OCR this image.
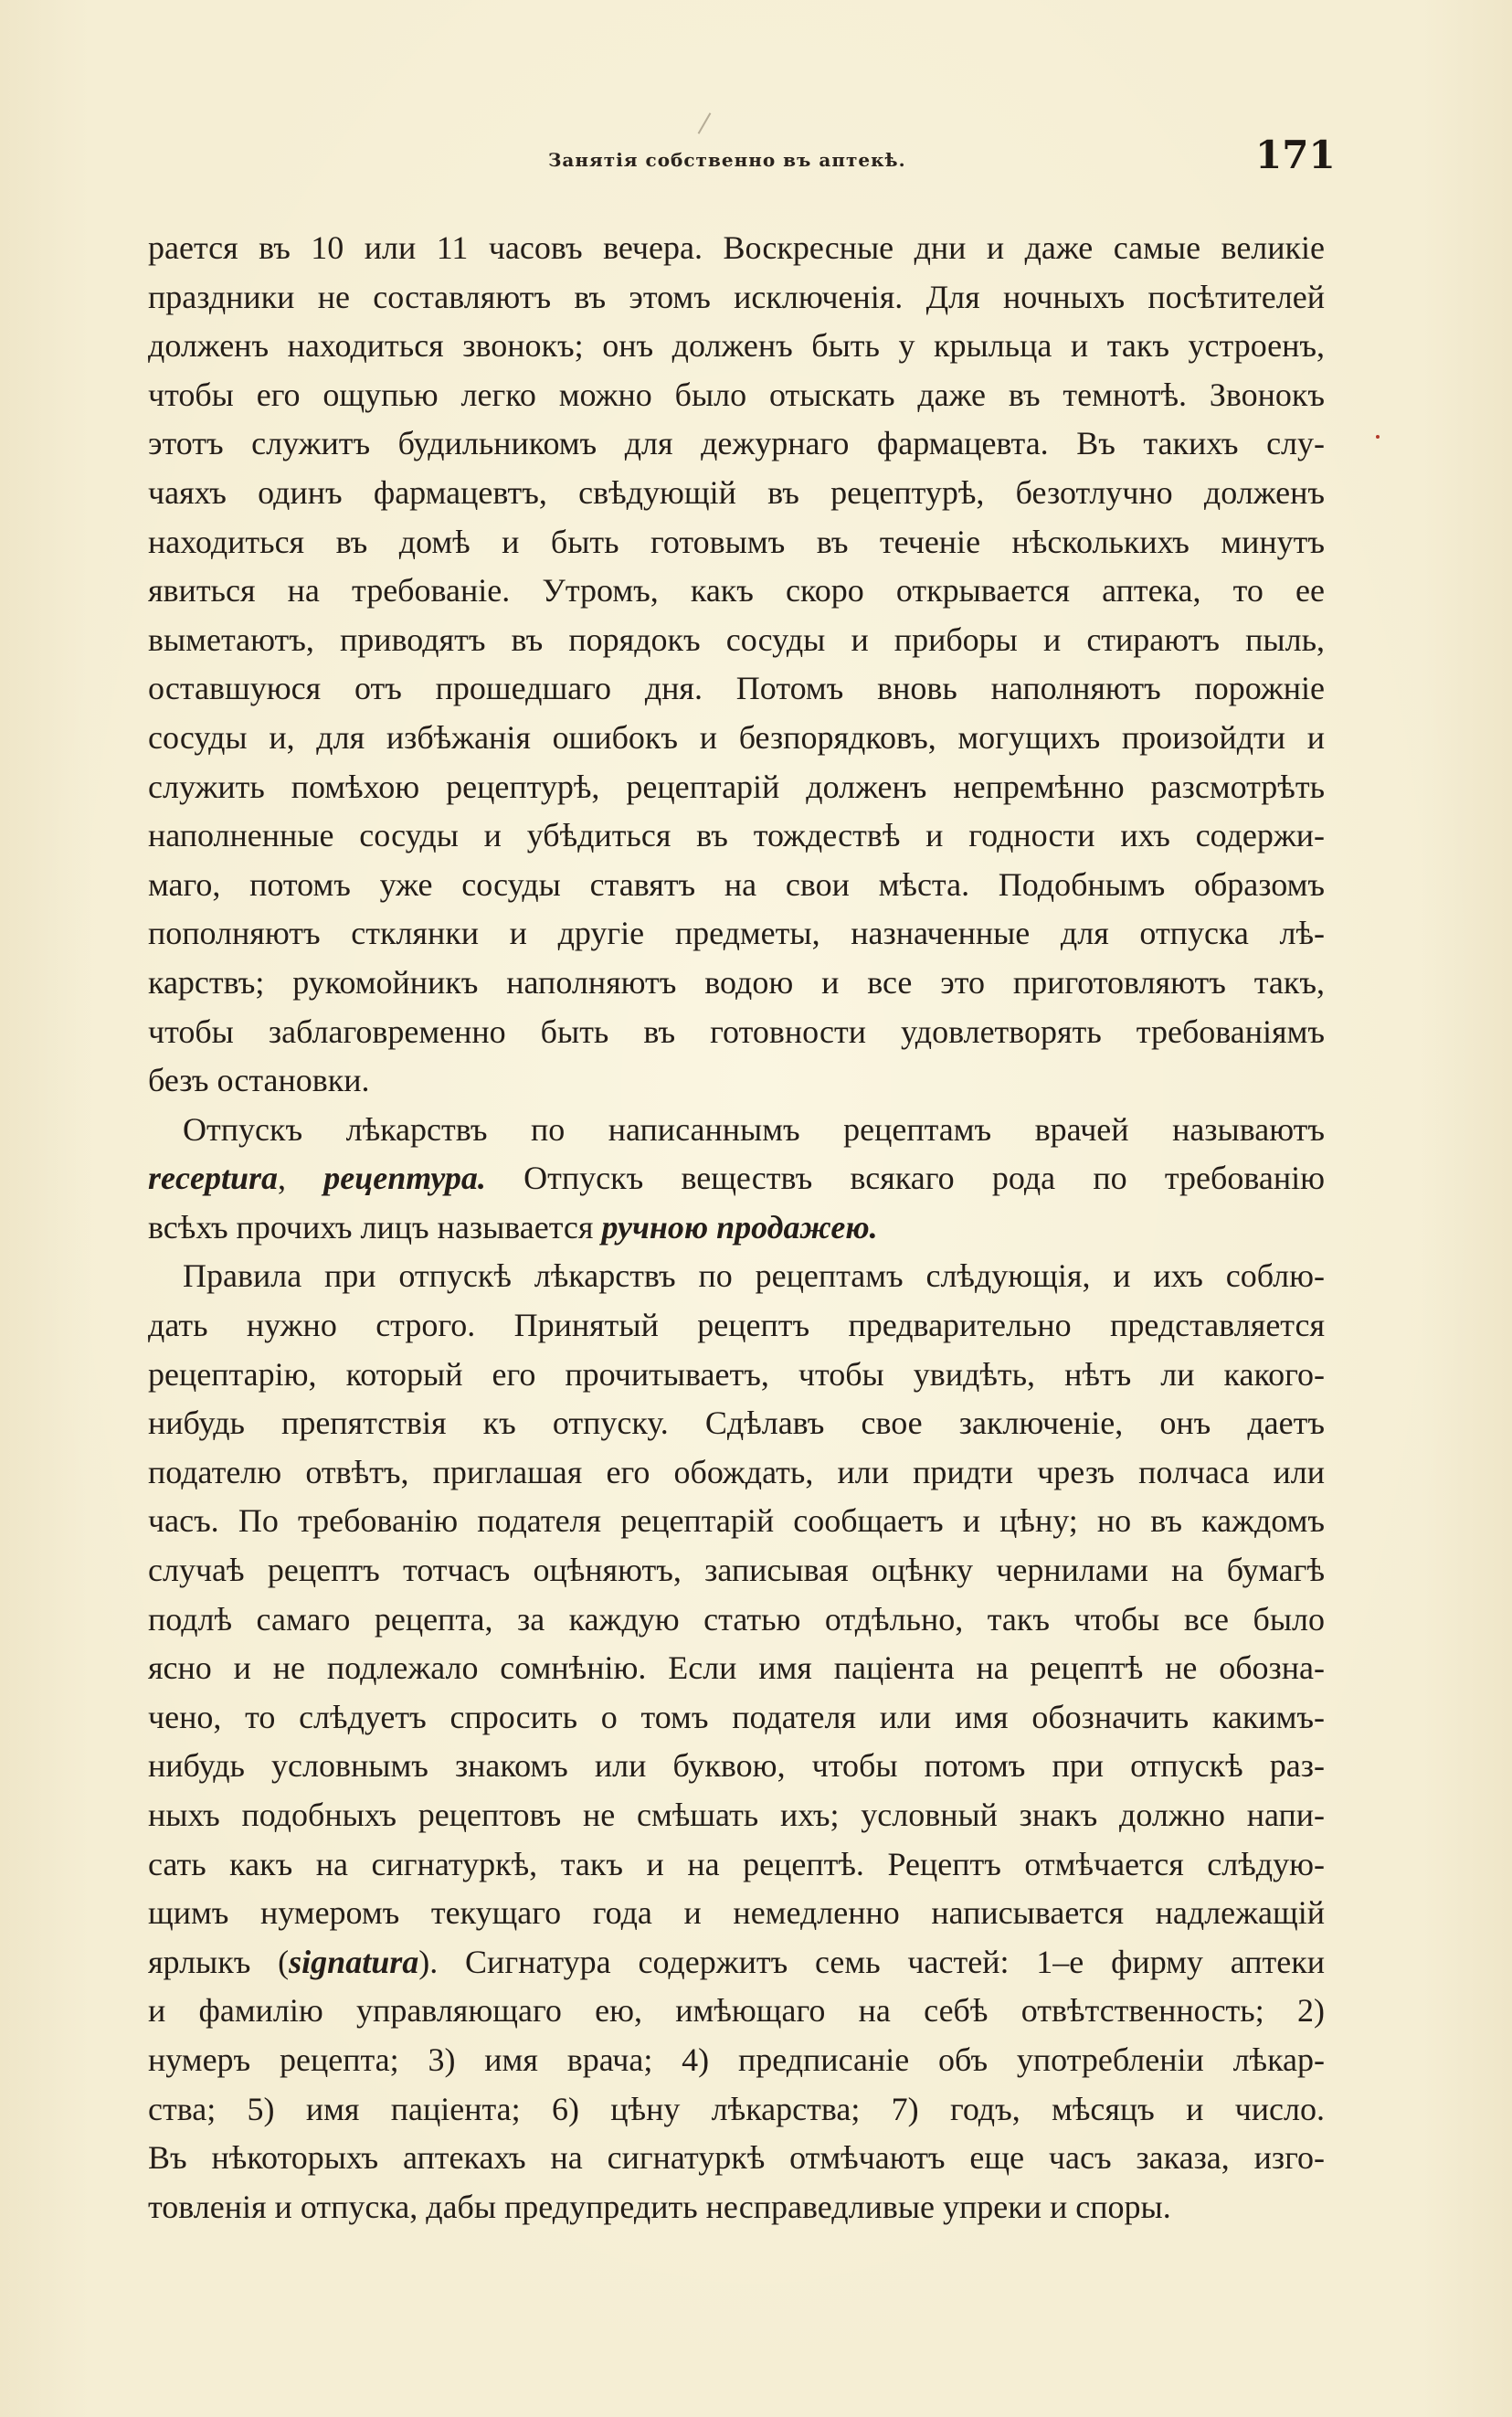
Занятія собственно въ аптекѣ.	171
рается въ 10 или 11 часовъ вечера. Воскресные дни и даже самые великіе
праздники не составляютъ въ этомъ исключенія. Для ночныхъ посѣтителей
долженъ находиться звонокъ; онъ долженъ быть у крыльца и такъ устроенъ,
чтобы его ощупью легко можно было отыскать даже въ темнотѣ. Звонокъ
этотъ служитъ будильникомъ для дежурнаго фармацевта. Въ такихъ слу-
чаяхъ одинъ фармацевтъ, свѣдующій въ рецептурѣ, безотлучно долженъ
находиться въ домѣ и быть готовымъ въ теченіе нѣсколькихъ минутъ
явиться на требованіе. Утромъ, какъ скоро открывается аптека, то ее
выметаютъ, приводятъ въ порядокъ сосуды и приборы и стираютъ пыль,
оставшуюся отъ прошедшаго дня. Потомъ вновь наполняютъ порожніе
сосуды и, для избѣжанія ошибокъ и безпорядковъ, могущихъ произойдти и
служить помѣхою рецептурѣ, рецептарій долженъ непремѣнно разсмотрѣть
наполненные сосуды и убѣдиться въ тождествѣ и годности ихъ содержи-
маго, потомъ уже сосуды ставятъ на свои мѣста. Подобнымъ образомъ
пополняютъ стклянки и другіе предметы, назначенные для отпуска лѣ-
карствъ; рукомойникъ наполняютъ водою и все это приготовляютъ такъ,
чтобы заблаговременно быть въ готовности удовлетворять требованіямъ
безъ остановки.
Отпускъ лѣкарствъ по написаннымъ рецептамъ врачей называютъ
receptura, рецептура. Отпускъ веществъ всякаго рода по требованію
всѣхъ прочихъ лицъ называется ручною продажею.
Правила при отпускѣ лѣкарствъ по рецептамъ слѣдующія, и ихъ соблю-
дать нужно строго. Принятый рецептъ предварительно представляется
рецептарію, который его прочитываетъ, чтобы увидѣть, нѣтъ ли какого-
нибудь препятствія къ отпуску. Сдѣлавъ свое заключеніе, онъ даетъ
подателю отвѣтъ, приглашая его обождать, или придти чрезъ полчаса или
часъ. По требованію подателя рецептарій сообщаетъ и цѣну; но въ каждомъ
случаѣ рецептъ тотчасъ оцѣняютъ, записывая оцѣнку чернилами на бумагѣ
подлѣ самаго рецепта, за каждую статью отдѣльно, такъ чтобы все было
ясно и не подлежало сомнѣнію. Если имя паціента на рецептѣ не обозна-
чено, то слѣдуетъ спросить о томъ подателя или имя обозначить какимъ-
нибудь условнымъ знакомъ или буквою, чтобы потомъ при отпускѣ раз-
ныхъ подобныхъ рецептовъ не смѣшать ихъ; условный знакъ должно напи-
сать какъ на сигнатуркѣ, такъ и на рецептѣ. Рецептъ отмѣчается слѣдую-
щимъ нумеромъ текущаго года и немедленно написывается надлежащій
ярлыкъ (signatura). Сигнатура содержитъ семь частей: 1–е фирму аптеки
и фамилію управляющаго ею, имѣющаго на себѣ отвѣтственность; 2)
нумеръ рецепта; 3) имя врача; 4) предписаніе объ употребленіи лѣкар-
ства; 5) имя паціента; 6) цѣну лѣкарства; 7) годъ, мѣсяцъ и число.
Въ нѣкоторыхъ аптекахъ на сигнатуркѣ отмѣчаютъ еще часъ заказа, изго-
товленія и отпуска, дабы предупредить несправедливые упреки и споры.
